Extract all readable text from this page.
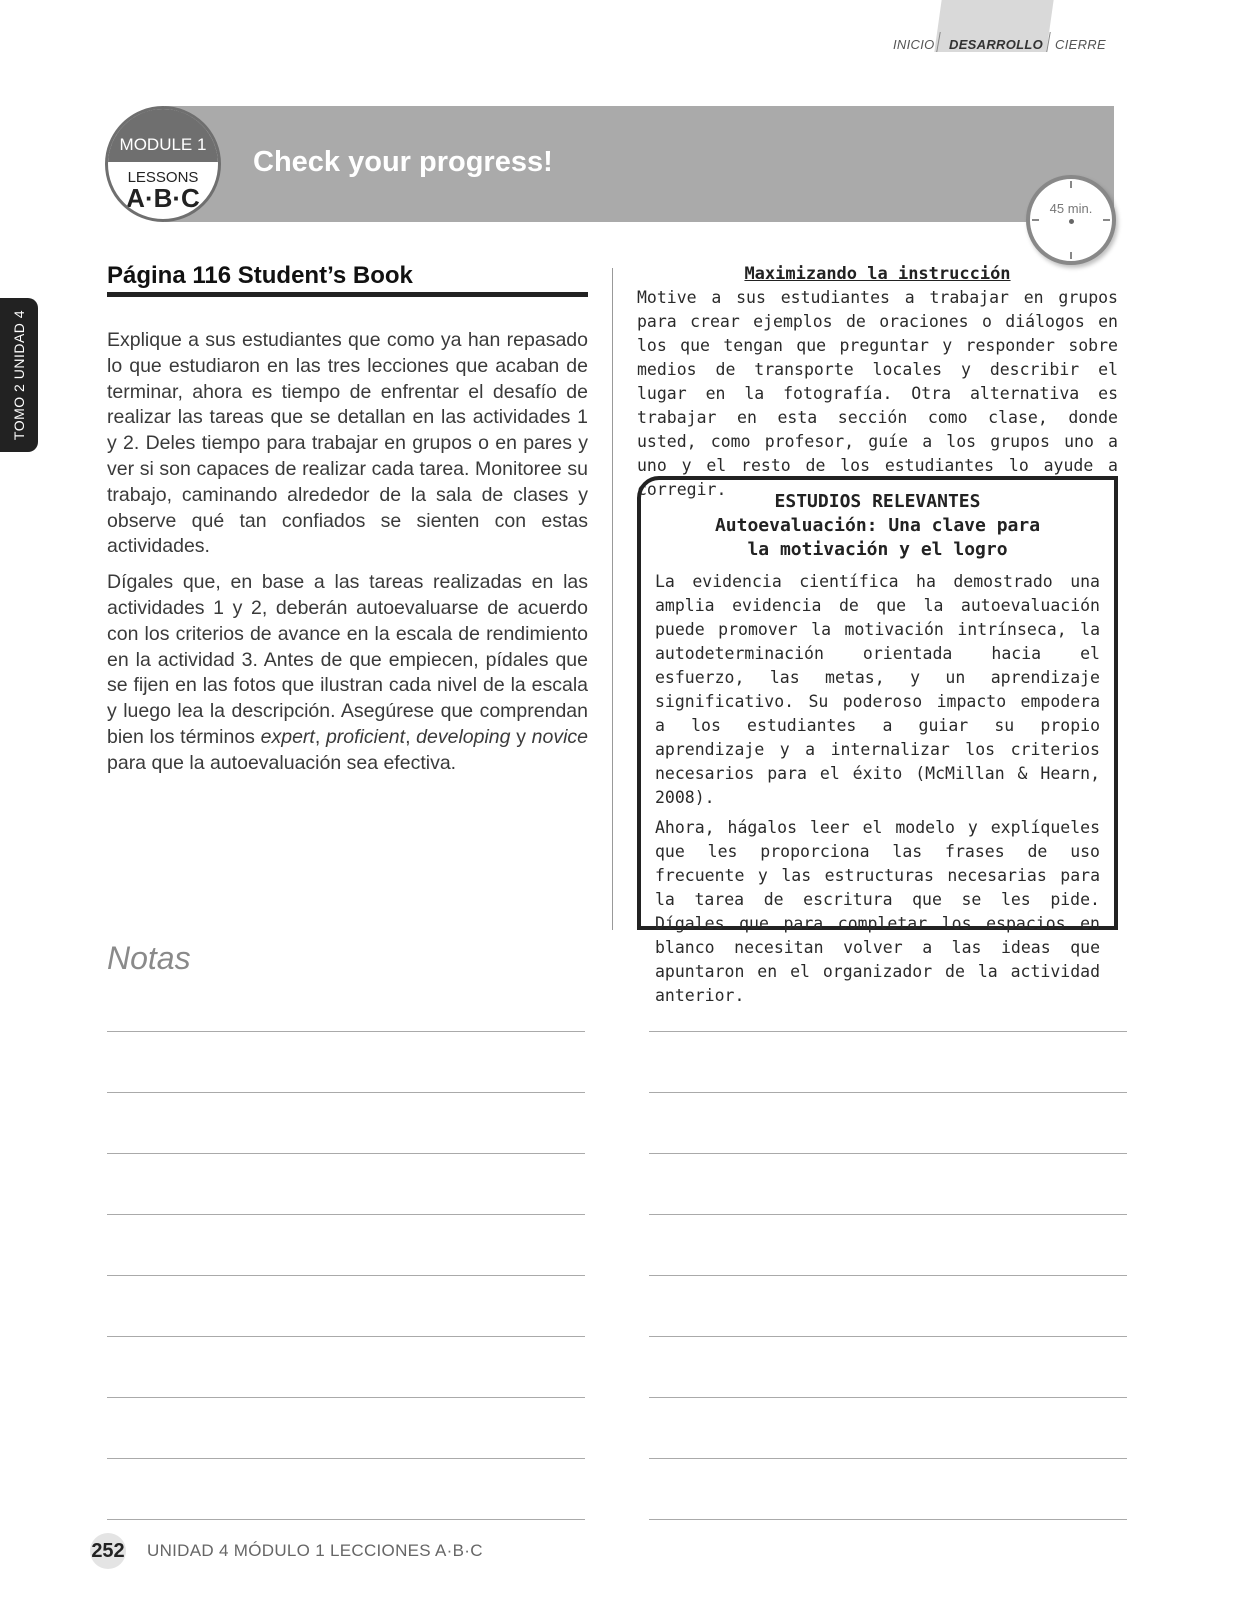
INICIO DESARROLLO CIERRE
TOMO 2 UNIDAD 4
Check your progress!
MODULE 1
LESSONS
A·B·C	45 min.
Página 116 Student’s Book

Explique a sus estudiantes que como ya han repasado lo que estudiaron en las tres lecciones que acaban de terminar, ahora es tiempo de enfrentar el desafío de realizar las tareas que se detallan en las actividades 1 y 2. Deles tiempo para trabajar en grupos o en pares y ver si son capaces de realizar cada tarea. Monitoree su trabajo, caminando alrededor de la sala de clases y observe qué tan confiados se sienten con estas actividades.

Dígales que, en base a las tareas realizadas en las actividades 1 y 2, deberán autoevaluarse de acuerdo con los criterios de avance en la escala de rendimiento en la actividad 3. Antes de que empiecen, pídales que se fijen en las fotos que ilustran cada nivel de la escala y luego lea la descripción. Asegúrese que comprendan bien los términos expert, proficient, developing y novice para que la autoevaluación sea efectiva.

Maximizando la instrucción
Motive a sus estudiantes a trabajar en grupos para crear ejemplos de oraciones o diálogos en los que tengan que preguntar y responder sobre medios de transporte locales y describir el lugar en la fotografía. Otra alternativa es trabajar en esta sección como clase, donde usted, como profesor, guíe a los grupos uno a uno y el resto de los estudiantes lo ayude a corregir.
ESTUDIOS RELEVANTES
Autoevaluación: Una clave para
la motivación y el logro

La evidencia científica ha demostrado una amplia evidencia de que la autoevaluación puede promover la motivación intrínseca, la autodeterminación orientada hacia el esfuerzo, las metas, y un aprendizaje significativo. Su poderoso impacto empodera a los estudiantes a guiar su propio aprendizaje y a internalizar los criterios necesarios para el éxito (McMillan & Hearn, 2008).

Ahora, hágalos leer el modelo y explíqueles que les proporciona las frases de uso frecuente y las estructuras necesarias para la tarea de escritura que se les pide. Dígales que para completar los espacios en blanco necesitan volver a las ideas que apuntaron en el organizador de la actividad anterior.

Notas
252 UNIDAD 4 MÓDULO 1 LECCIONES A·B·C
